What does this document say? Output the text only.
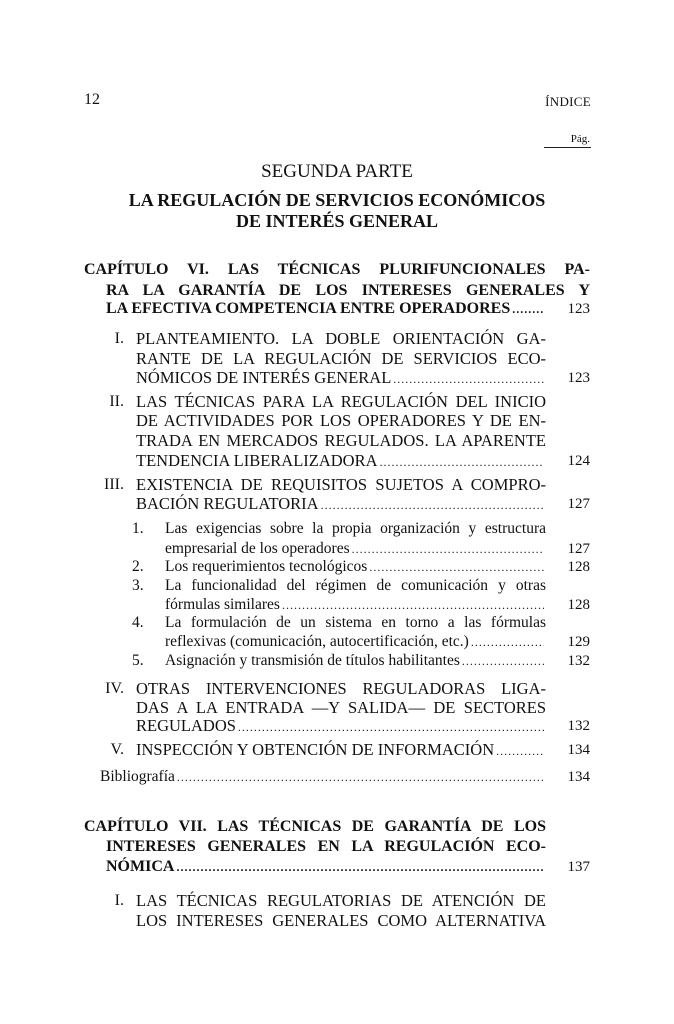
12	ÍNDICE
Pág.
SEGUNDA PARTE
LA REGULACIÓN DE SERVICIOS ECONÓMICOS
DE INTERÉS GENERAL
CAPÍTULO VI. LAS TÉCNICAS PLURIFUNCIONALES PA-
RA LA GARANTÍA DE LOS INTERESES GENERALES Y
LA EFECTIVA COMPETENCIA ENTRE OPERADORES .....	123
I. PLANTEAMIENTO. LA DOBLE ORIENTACIÓN GA-
RANTE DE LA REGULACIÓN DE SERVICIOS ECO-
NÓMICOS DE INTERÉS GENERAL .....	123
II. LAS TÉCNICAS PARA LA REGULACIÓN DEL INICIO
DE ACTIVIDADES POR LOS OPERADORES Y DE EN-
TRADA EN MERCADOS REGULADOS. LA APARENTE
TENDENCIA LIBERALIZADORA .....	124
III. EXISTENCIA DE REQUISITOS SUJETOS A COMPRO-
BACIÓN REGULATORIA .....	127
1. Las exigencias sobre la propia organización y estructura
empresarial de los operadores .....	127
2. Los requerimientos tecnológicos .....	128
3. La funcionalidad del régimen de comunicación y otras
fórmulas similares .....	128
4. La formulación de un sistema en torno a las fórmulas
reflexivas (comunicación, autocertificación, etc.) .....	129
5. Asignación y transmisión de títulos habilitantes .....	132
IV. OTRAS INTERVENCIONES REGULADORAS LIGA-
DAS A LA ENTRADA —Y SALIDA— DE SECTORES
REGULADOS .....	132
V. INSPECCIÓN Y OBTENCIÓN DE INFORMACIÓN .....	134
Bibliografía .....	134
CAPÍTULO VII. LAS TÉCNICAS DE GARANTÍA DE LOS
INTERESES GENERALES EN LA REGULACIÓN ECO-
NÓMICA .....	137
I. LAS TÉCNICAS REGULATORIAS DE ATENCIÓN DE
LOS INTERESES GENERALES COMO ALTERNATIVA
